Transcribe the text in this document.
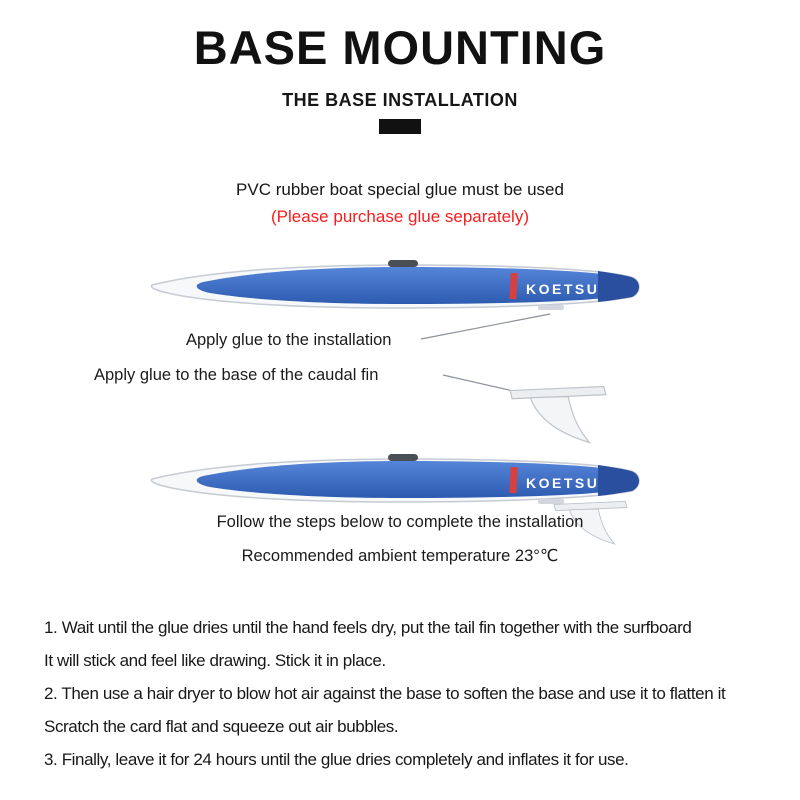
BASE MOUNTING
THE BASE INSTALLATION
PVC rubber boat special glue must be used
(Please purchase glue separately)
Apply glue to the installation
Apply glue to the base of the caudal fin
Follow the steps below to complete the installation
Recommended ambient temperature 23°℃
1. Wait until the glue dries until the hand feels dry, put the tail fin together with the surfboard
It will stick and feel like drawing. Stick it in place.
2. Then use a hair dryer to blow hot air against the base to soften the base and use it to flatten it
Scratch the card flat and squeeze out air bubbles.
3. Finally, leave it for 24 hours until the glue dries completely and inflates it for use.
